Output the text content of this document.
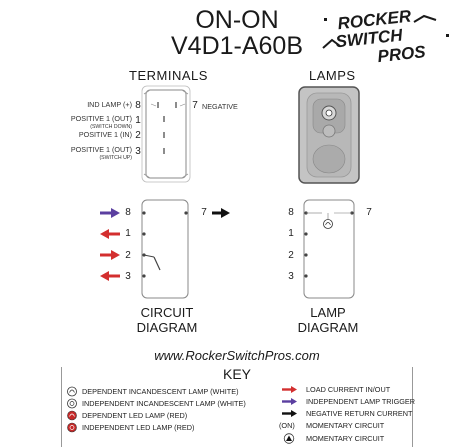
ON-ON
V4D1-A60B
ROCKER
SWITCH
PROS
TERMINALS	LAMPS
IND LAMP (+) 8
POSITIVE 1 (OUT)
(SWITCH DOWN)
1
POSITIVE 1 (IN) 2
POSITIVE 1 (OUT)
(SWITCH UP)
3
7 NEGATIVE
8
1
2
3
7
CIRCUIT
DIAGRAM
8
1
2
3
7
LAMP
DIAGRAM
www.RockerSwitchPros.com
KEY
DEPENDENT INCANDESCENT LAMP (WHITE)
INDEPENDENT INCANDESCENT LAMP (WHITE)
DEPENDENT LED LAMP (RED)
INDEPENDENT LED LAMP (RED)
LOAD CURRENT IN/OUT
INDEPENDENT LAMP TRIGGER
NEGATIVE RETURN CURRENT
(ON) MOMENTARY CIRCUIT
MOMENTARY CIRCUIT
